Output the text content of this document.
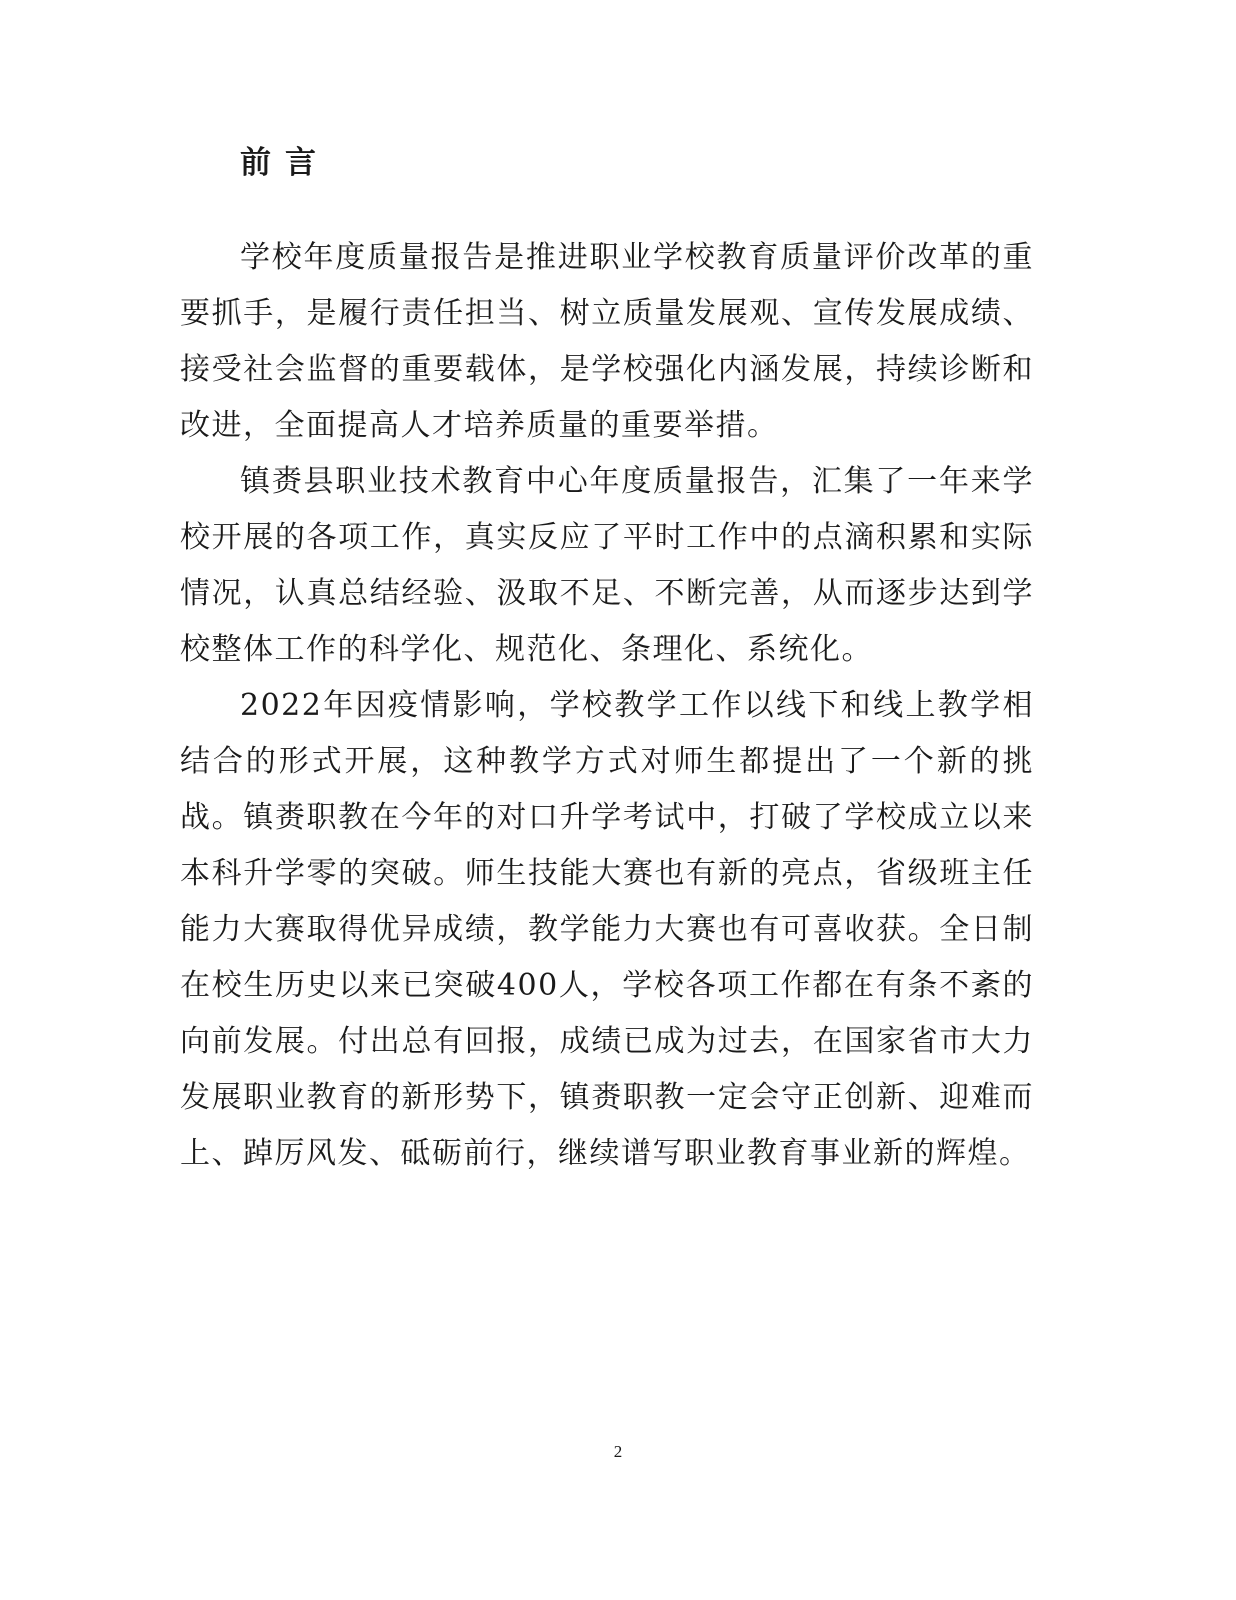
前言

学校年度质量报告是推进职业学校教育质量评价改革的重要抓手，是履行责任担当、树立质量发展观、宣传发展成绩、接受社会监督的重要载体，是学校强化内涵发展，持续诊断和改进，全面提高人才培养质量的重要举措。

镇赉县职业技术教育中心年度质量报告，汇集了一年来学校开展的各项工作，真实反应了平时工作中的点滴积累和实际情况，认真总结经验、汲取不足、不断完善，从而逐步达到学校整体工作的科学化、规范化、条理化、系统化。

2022年因疫情影响，学校教学工作以线下和线上教学相结合的形式开展，这种教学方式对师生都提出了一个新的挑战。镇赉职教在今年的对口升学考试中，打破了学校成立以来本科升学零的突破。师生技能大赛也有新的亮点，省级班主任能力大赛取得优异成绩，教学能力大赛也有可喜收获。全日制在校生历史以来已突破400人，学校各项工作都在有条不紊的向前发展。付出总有回报，成绩已成为过去，在国家省市大力发展职业教育的新形势下，镇赉职教一定会守正创新、迎难而上、踔厉风发、砥砺前行，继续谱写职业教育事业新的辉煌。

2
